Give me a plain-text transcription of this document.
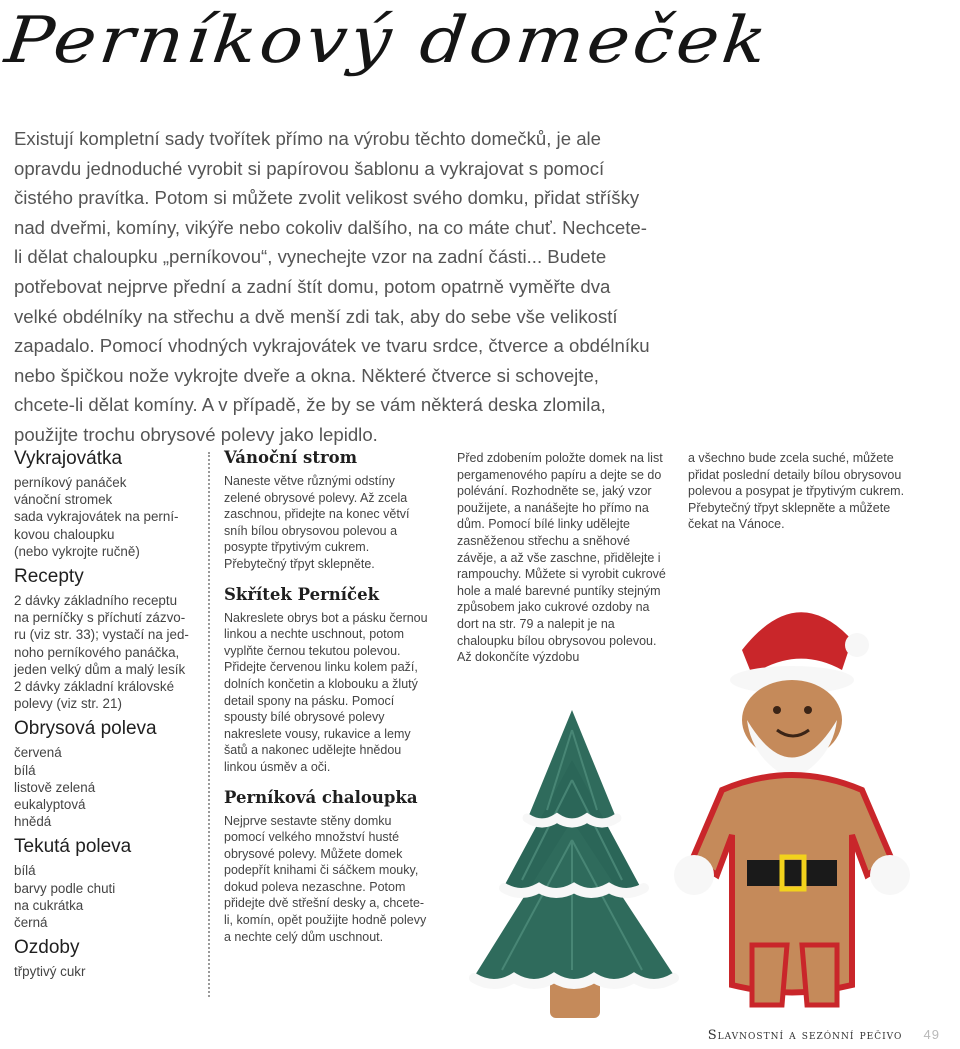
Perníkový domeček

Existují kompletní sady tvořítek přímo na výrobu těchto domečků, je ale opravdu jednoduché vyrobit si papírovou šablonu a vykrajovat s pomocí čistého pravítka. Potom si můžete zvolit velikost svého domku, přidat stříšky nad dveřmi, komíny, vikýře nebo cokoliv dalšího, na co máte chuť. Nechcete-li dělat chaloupku „perníkovou“, vynechejte vzor na zadní části... Budete potřebovat nejprve přední a zadní štít domu, potom opatrně vyměřte dva velké obdélníky na střechu a dvě menší zdi tak, aby do sebe vše velikostí zapadalo. Pomocí vhodných vykrajovátek ve tvaru srdce, čtverce a obdélníku nebo špičkou nože vykrojte dveře a okna. Některé čtverce si schovejte, chcete-li dělat komíny. A v případě, že by se vám některá deska zlomila, použijte trochu obrysové polevy jako lepidlo.

Vykrajovátka
perníkový panáček
vánoční stromek
sada vykrajovátek na perní-
kovou chaloupku
(nebo vykrojte ručně)
Recepty
2 dávky základního receptu
na perníčky s příchutí zázvo-
ru (viz str. 33); vystačí na jed-
noho perníkového panáčka,
jeden velký dům a malý lesík
2 dávky základní královské
polevy (viz str. 21)
Obrysová poleva
červená
bílá
listově zelená
eukalyptová
hnědá
Tekutá poleva
bílá
barvy podle chuti
na cukrátka
černá
Ozdoby
třpytivý cukr
Vánoční strom

Naneste větve různými odstíny zelené obrysové polevy. Až zcela zaschnou, přidejte na konec větví sníh bílou obrysovou polevou a posypte třpytivým cukrem. Přebytečný třpyt sklepněte.

Skřítek Perníček

Nakreslete obrys bot a pásku černou linkou a nechte uschnout, potom vyplňte černou tekutou polevou. Přidejte červenou linku kolem paží, dolních končetin a klobouku a žlutý detail spony na pásku. Pomocí spousty bílé obrysové polevy nakreslete vousy, rukavice a lemy šatů a nakonec udělejte hnědou linkou úsměv a oči.

Perníková chaloupka

Nejprve sestavte stěny domku pomocí velkého množství husté obrysové polevy. Můžete domek podepřít knihami či sáčkem mouky, dokud poleva nezaschne. Potom přidejte dvě střešní desky a, chcete-li, komín, opět použijte hodně polevy a nechte celý dům uschnout.

Před zdobením položte domek na list pergamenového papíru a dejte se do polévání. Rozhodněte se, jaký vzor použijete, a nanášejte ho přímo na dům. Pomocí bílé linky udělejte zasněženou střechu a sněhové závěje, a až vše zaschne, přidělejte i rampouchy. Můžete si vyrobit cukrové hole a malé barevné puntíky stejným způsobem jako cukrové ozdoby na dort na str. 79 a nalepit je na chaloupku bílou obrysovou polevou. Až dokončíte výzdobu

a všechno bude zcela suché, můžete přidat poslední detaily bílou obrysovou polevou a posypat je třpytivým cukrem. Přebytečný třpyt sklepněte a můžete čekat na Vánoce.

Slavnostní a sezónní pečivo 49
